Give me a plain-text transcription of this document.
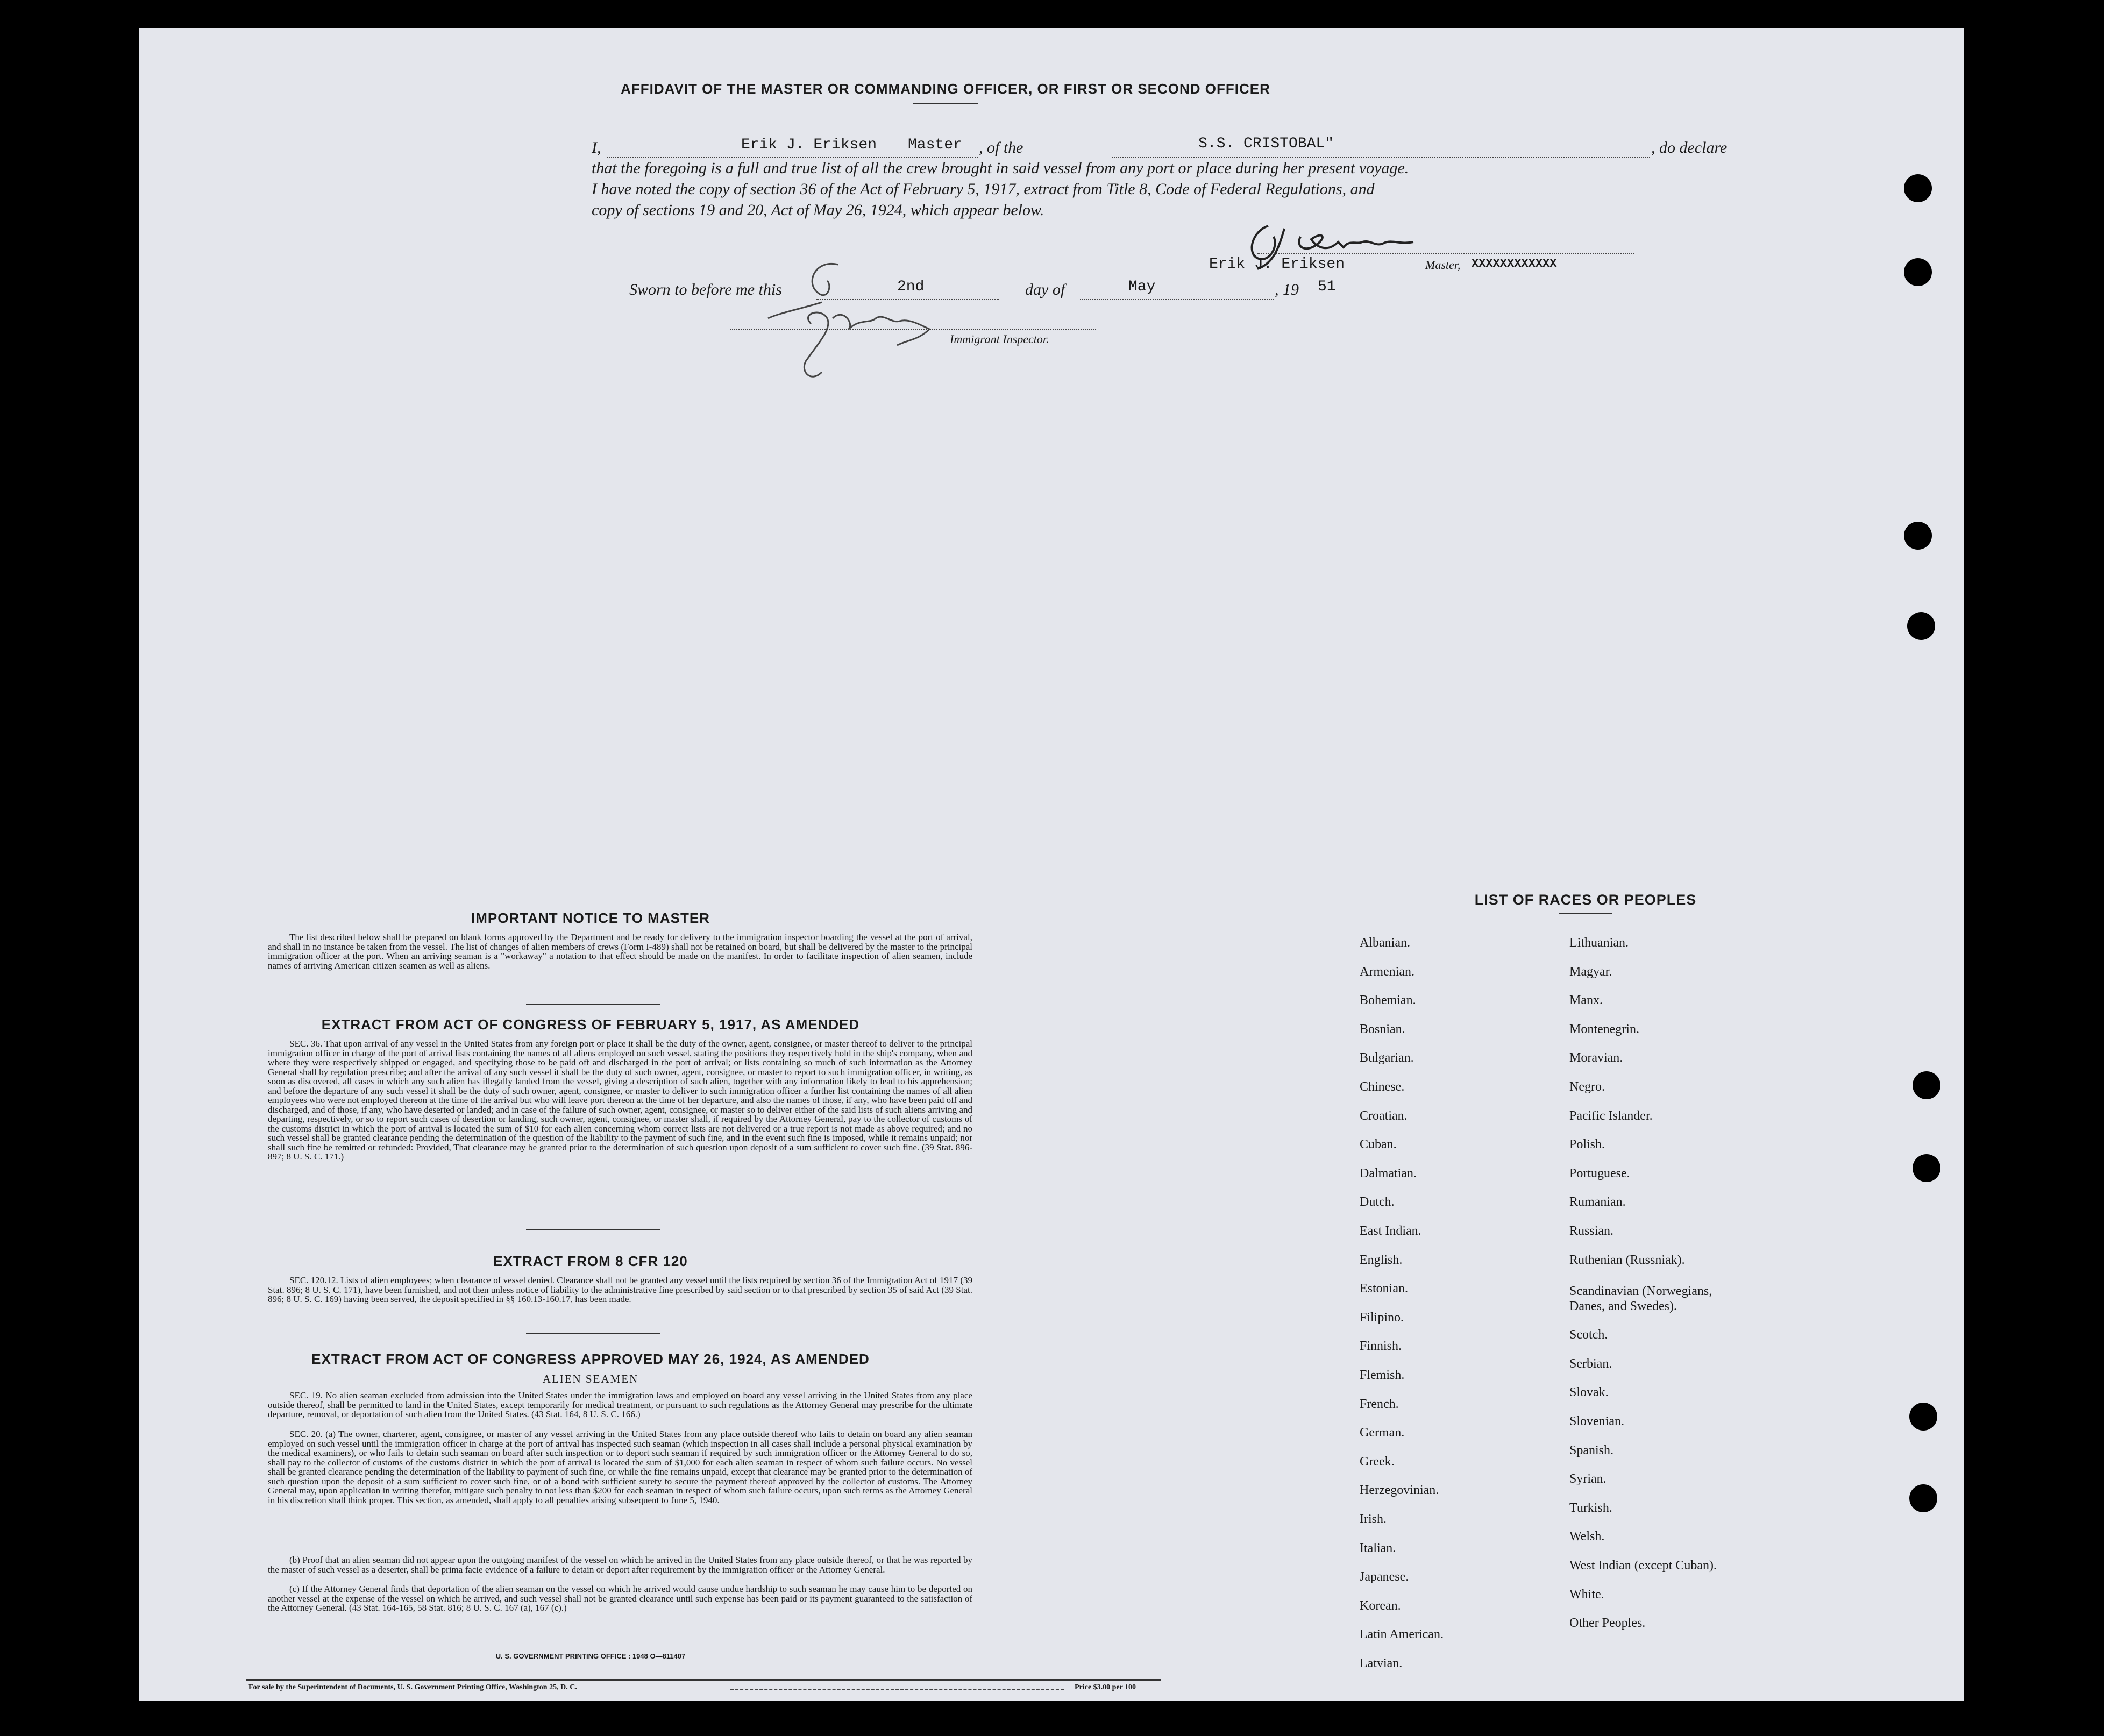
AFFIDAVIT OF THE MASTER OR COMMANDING OFFICER, OR FIRST OR SECOND OFFICER
I,	Erik J. Eriksen Master , of the	S.S. CRISTOBAL"	, do declare
that the foregoing is a full and true list of all the crew brought in said vessel from any port or place during her present voyage.
I have noted the copy of section 36 of the Act of February 5, 1917, extract from Title 8, Code of Federal Regulations, and
copy of sections 19 and 20, Act of May 26, 1924, which appear below.
Erik J. Eriksen	Master, XXXXXXXXXXXX
Sworn to before me this	2nd	day of	May	, 19 51
Immigrant Inspector.
IMPORTANT NOTICE TO MASTER
The list described below shall be prepared on blank forms approved by the Department and be ready for delivery to the immigration inspector boarding the vessel at the port of arrival, and shall in no instance be taken from the vessel. The list of changes of alien members of crews (Form I-489) shall not be retained on board, but shall be delivered by the master to the principal immigration officer at the port. When an arriving seaman is a "workaway" a notation to that effect should be made on the manifest. In order to facilitate inspection of alien seamen, include names of arriving American citizen seamen as well as aliens.
EXTRACT FROM ACT OF CONGRESS OF FEBRUARY 5, 1917, AS AMENDED
SEC. 36. That upon arrival of any vessel in the United States from any foreign port or place it shall be the duty of the owner, agent, consignee, or master thereof to deliver to the principal immigration officer in charge of the port of arrival lists containing the names of all aliens employed on such vessel, stating the positions they respectively hold in the ship's company, when and where they were respectively shipped or engaged, and specifying those to be paid off and discharged in the port of arrival; or lists containing so much of such information as the Attorney General shall by regulation prescribe; and after the arrival of any such vessel it shall be the duty of such owner, agent, consignee, or master to report to such immigration officer, in writing, as soon as discovered, all cases in which any such alien has illegally landed from the vessel, giving a description of such alien, together with any information likely to lead to his apprehension; and before the departure of any such vessel it shall be the duty of such owner, agent, consignee, or master to deliver to such immigration officer a further list containing the names of all alien employees who were not employed thereon at the time of the arrival but who will leave port thereon at the time of her departure, and also the names of those, if any, who have been paid off and discharged, and of those, if any, who have deserted or landed; and in case of the failure of such owner, agent, consignee, or master so to deliver either of the said lists of such aliens arriving and departing, respectively, or so to report such cases of desertion or landing, such owner, agent, consignee, or master shall, if required by the Attorney General, pay to the collector of customs of the customs district in which the port of arrival is located the sum of $10 for each alien concerning whom correct lists are not delivered or a true report is not made as above required; and no such vessel shall be granted clearance pending the determination of the question of the liability to the payment of such fine, and in the event such fine is imposed, while it remains unpaid; nor shall such fine be remitted or refunded: Provided, That clearance may be granted prior to the determination of such question upon deposit of a sum sufficient to cover such fine. (39 Stat. 896-897; 8 U. S. C. 171.)
EXTRACT FROM 8 CFR 120
SEC. 120.12. Lists of alien employees; when clearance of vessel denied. Clearance shall not be granted any vessel until the lists required by section 36 of the Immigration Act of 1917 (39 Stat. 896; 8 U. S. C. 171), have been furnished, and not then unless notice of liability to the administrative fine prescribed by said section or to that prescribed by section 35 of said Act (39 Stat. 896; 8 U. S. C. 169) having been served, the deposit specified in §§ 160.13-160.17, has been made.
EXTRACT FROM ACT OF CONGRESS APPROVED MAY 26, 1924, AS AMENDED
ALIEN SEAMEN
SEC. 19. No alien seaman excluded from admission into the United States under the immigration laws and employed on board any vessel arriving in the United States from any place outside thereof, shall be permitted to land in the United States, except temporarily for medical treatment, or pursuant to such regulations as the Attorney General may prescribe for the ultimate departure, removal, or deportation of such alien from the United States. (43 Stat. 164, 8 U. S. C. 166.)
SEC. 20. (a) The owner, charterer, agent, consignee, or master of any vessel arriving in the United States from any place outside thereof who fails to detain on board any alien seaman employed on such vessel until the immigration officer in charge at the port of arrival has inspected such seaman (which inspection in all cases shall include a personal physical examination by the medical examiners), or who fails to detain such seaman on board after such inspection or to deport such seaman if required by such immigration officer or the Attorney General to do so, shall pay to the collector of customs of the customs district in which the port of arrival is located the sum of $1,000 for each alien seaman in respect of whom such failure occurs. No vessel shall be granted clearance pending the determination of the liability to payment of such fine, or while the fine remains unpaid, except that clearance may be granted prior to the determination of such question upon the deposit of a sum sufficient to cover such fine, or of a bond with sufficient surety to secure the payment thereof approved by the collector of customs. The Attorney General may, upon application in writing therefor, mitigate such penalty to not less than $200 for each seaman in respect of whom such failure occurs, upon such terms as the Attorney General in his discretion shall think proper. This section, as amended, shall apply to all penalties arising subsequent to June 5, 1940.
(b) Proof that an alien seaman did not appear upon the outgoing manifest of the vessel on which he arrived in the United States from any place outside thereof, or that he was reported by the master of such vessel as a deserter, shall be prima facie evidence of a failure to detain or deport after requirement by the immigration officer or the Attorney General.
(c) If the Attorney General finds that deportation of the alien seaman on the vessel on which he arrived would cause undue hardship to such seaman he may cause him to be deported on another vessel at the expense of the vessel on which he arrived, and such vessel shall not be granted clearance until such expense has been paid or its payment guaranteed to the satisfaction of the Attorney General. (43 Stat. 164-165, 58 Stat. 816; 8 U. S. C. 167 (a), 167 (c).)
U. S. GOVERNMENT PRINTING OFFICE : 1948 O—811407
For sale by the Superintendent of Documents, U. S. Government Printing Office, Washington 25, D. C.	Price $3.00 per 100
LIST OF RACES OR PEOPLES
Albanian.
Armenian.
Bohemian.
Bosnian.
Bulgarian.
Chinese.
Croatian.
Cuban.
Dalmatian.
Dutch.
East Indian.
English.
Estonian.
Filipino.
Finnish.
Flemish.
French.
German.
Greek.
Herzegovinian.
Irish.
Italian.
Japanese.
Korean.
Latin American.
Latvian.
Lithuanian.
Magyar.
Manx.
Montenegrin.
Moravian.
Negro.
Pacific Islander.
Polish.
Portuguese.
Rumanian.
Russian.
Ruthenian (Russniak).
Scandinavian (Norwegians,
Danes, and Swedes).
Scotch.
Serbian.
Slovak.
Slovenian.
Spanish.
Syrian.
Turkish.
Welsh.
West Indian (except Cuban).
White.
Other Peoples.
